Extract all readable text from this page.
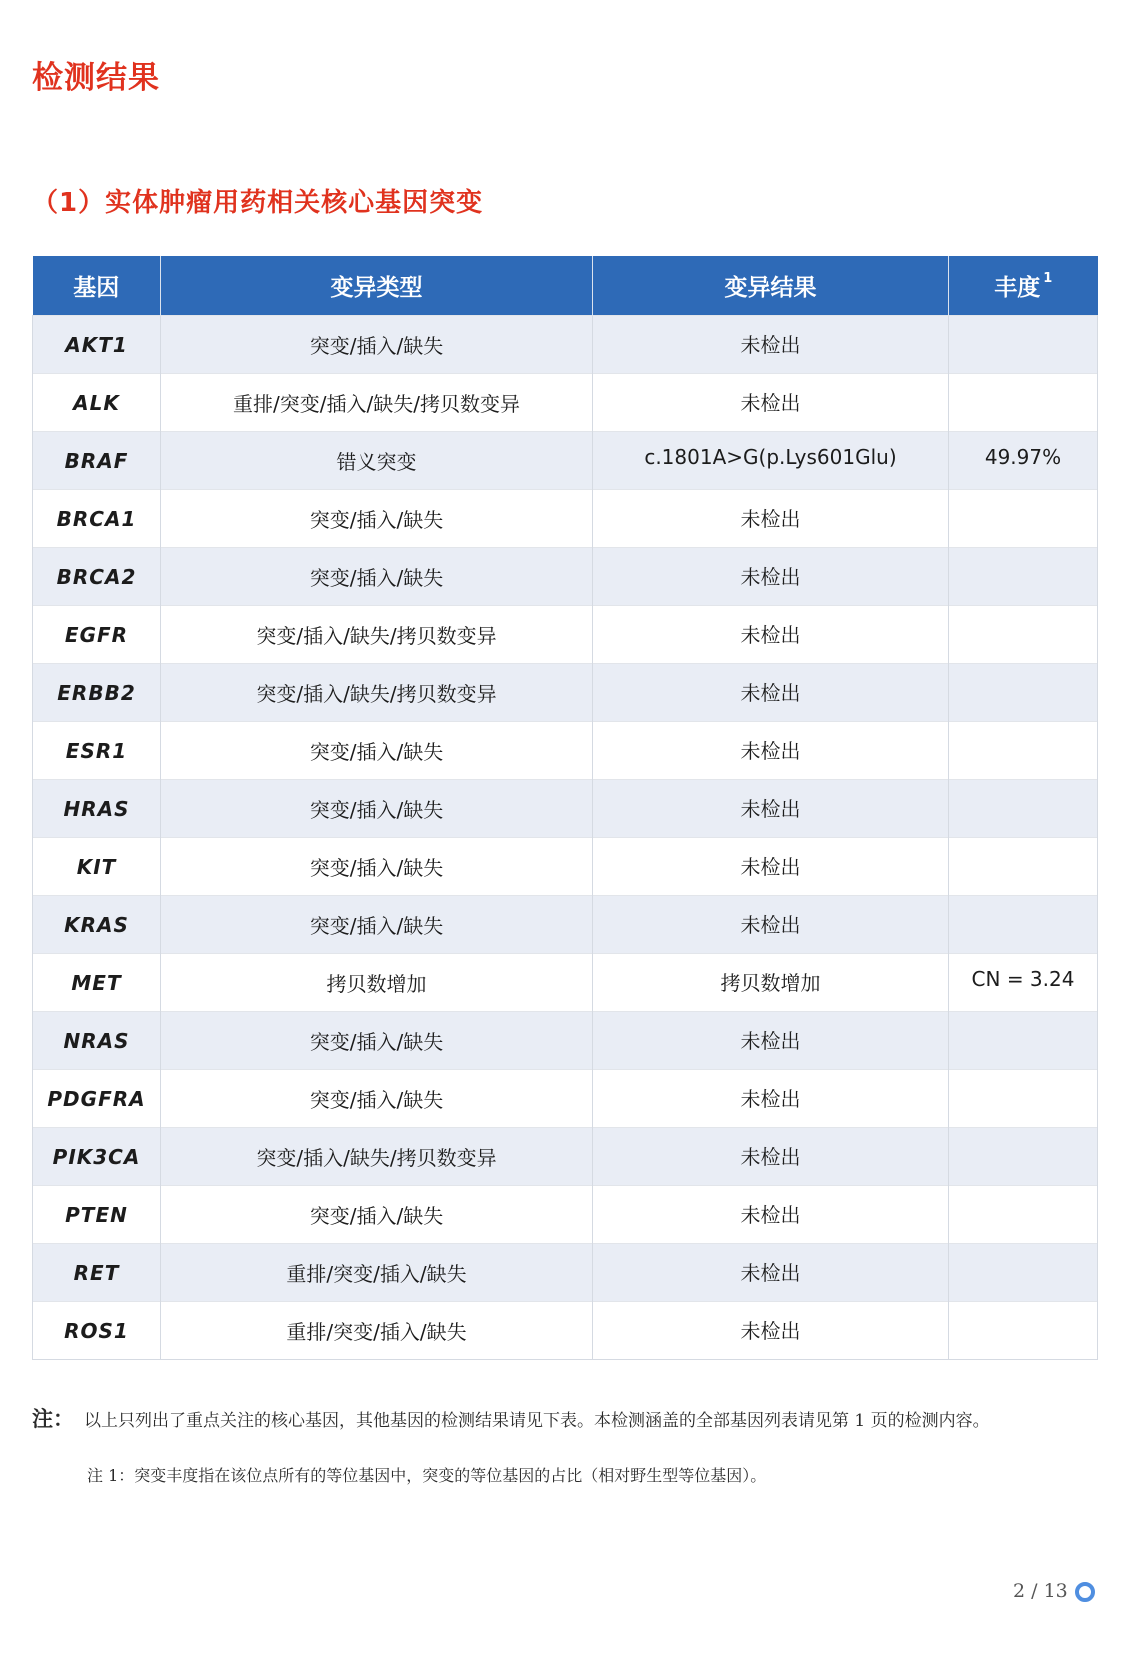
检测结果
（1）实体肿瘤用药相关核心基因突变
基因	变异类型	变异结果	丰度 $^1$
AKT1	突变/插入/缺失	未检出	
ALK	重排/突变/插入/缺失/拷贝数变异	未检出	
BRAF	错义突变	c.1801A>G(p.Lys601Glu)	49.97%
BRCA1	突变/插入/缺失	未检出	
BRCA2	突变/插入/缺失	未检出	
EGFR	突变/插入/缺失/拷贝数变异	未检出	
ERBB2	突变/插入/缺失/拷贝数变异	未检出	
ESR1	突变/插入/缺失	未检出	
HRAS	突变/插入/缺失	未检出	
KIT	突变/插入/缺失	未检出	
KRAS	突变/插入/缺失	未检出	
MET	拷贝数增加	拷贝数增加	CN = 3.24
NRAS	突变/插入/缺失	未检出	
PDGFRA	突变/插入/缺失	未检出	
PIK3CA	突变/插入/缺失/拷贝数变异	未检出	
PTEN	突变/插入/缺失	未检出	
RET	重排/突变/插入/缺失	未检出	
ROS1	重排/突变/插入/缺失	未检出	
注： 以上只列出了重点关注的核心基因，其他基因的检测结果请见下表。本检测涵盖的全部基因列表请见第 1 页的检测内容。
注 1：突变丰度指在该位点所有的等位基因中，突变的等位基因的占比（相对野生型等位基因）。
2 / 13
